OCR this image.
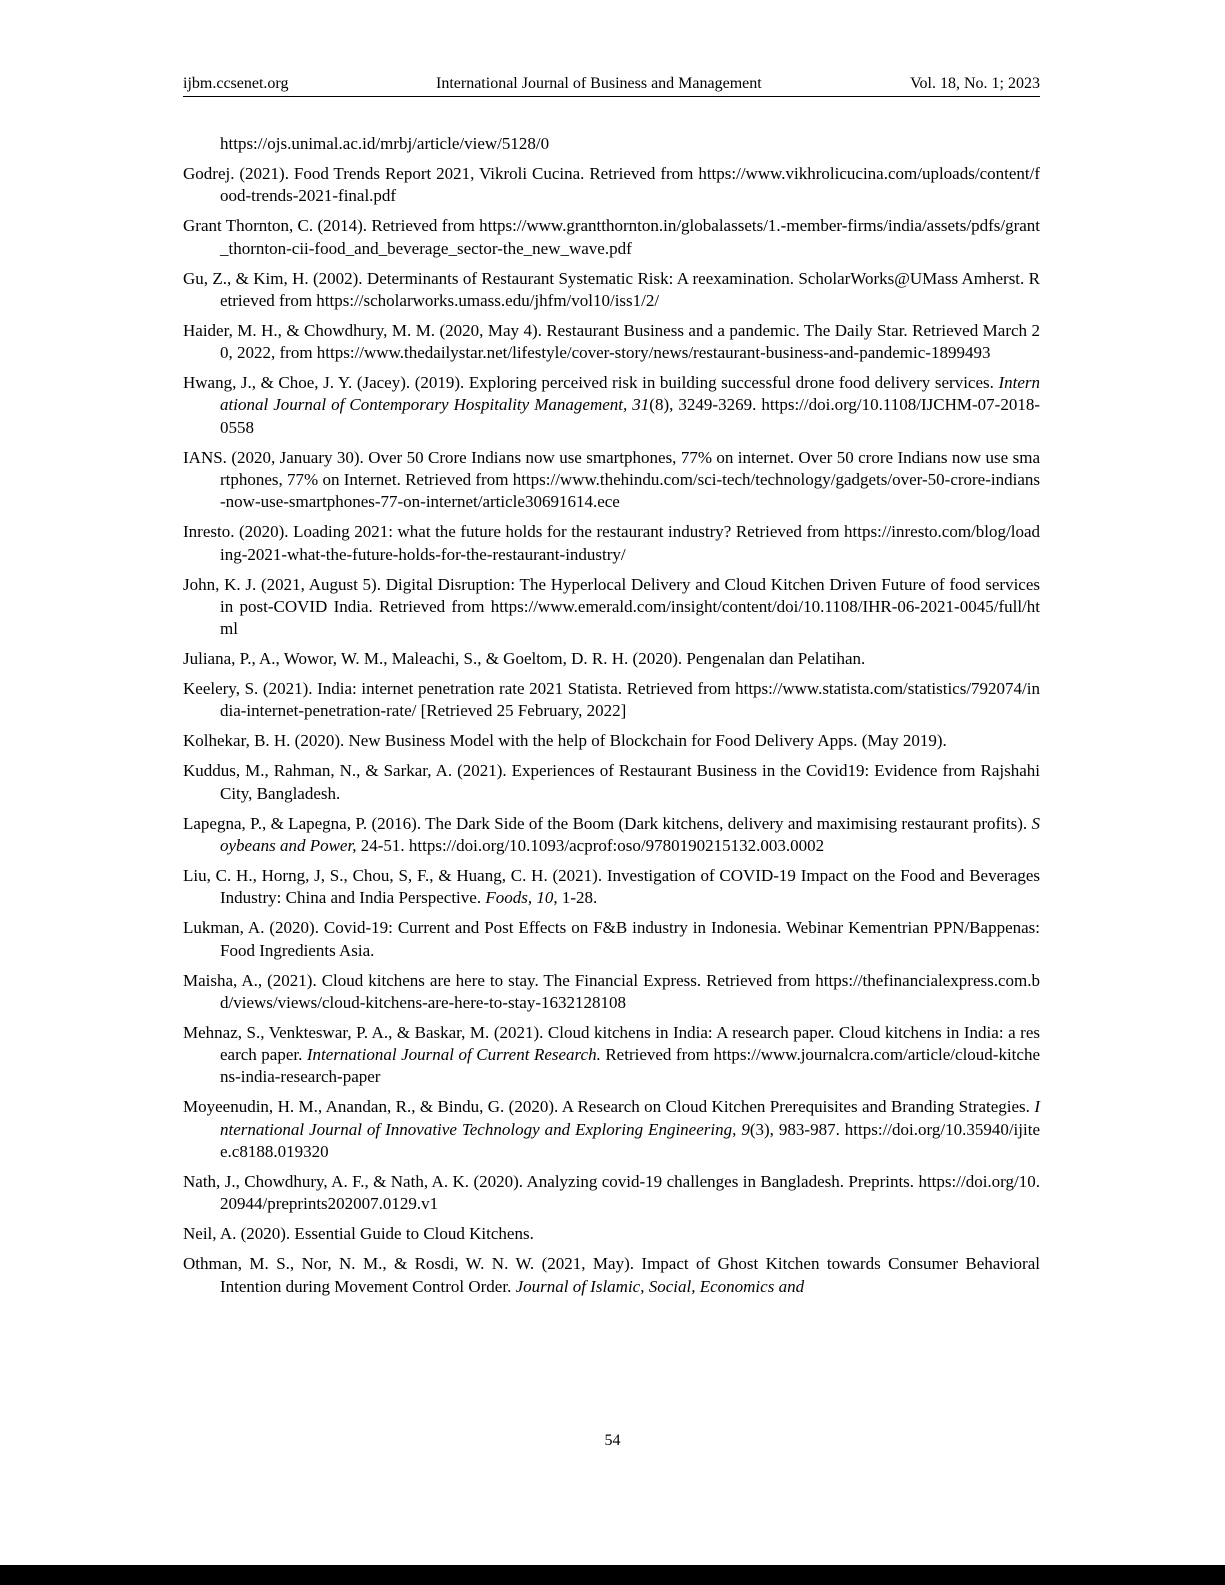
ijbm.ccsenet.org	International Journal of Business and Management	Vol. 18, No. 1; 2023

https://ojs.unimal.ac.id/mrbj/article/view/5128/0

Godrej. (2021). Food Trends Report 2021, Vikroli Cucina. Retrieved from https://www.vikhrolicucina.com/uploads/content/food-trends-2021-final.pdf

Grant Thornton, C. (2014). Retrieved from https://www.grantthornton.in/globalassets/1.-member-firms/india/assets/pdfs/grant_thornton-cii-food_and_beverage_sector-the_new_wave.pdf

Gu, Z., & Kim, H. (2002). Determinants of Restaurant Systematic Risk: A reexamination. ScholarWorks@UMass Amherst. Retrieved from https://scholarworks.umass.edu/jhfm/vol10/iss1/2/

Haider, M. H., & Chowdhury, M. M. (2020, May 4). Restaurant Business and a pandemic. The Daily Star. Retrieved March 20, 2022, from https://www.thedailystar.net/lifestyle/cover-story/news/restaurant-business-and-pandemic-1899493

Hwang, J., & Choe, J. Y. (Jacey). (2019). Exploring perceived risk in building successful drone food delivery services. International Journal of Contemporary Hospitality Management, 31(8), 3249-3269. https://doi.org/10.1108/IJCHM-07-2018-0558

IANS. (2020, January 30). Over 50 Crore Indians now use smartphones, 77% on internet. Over 50 crore Indians now use smartphones, 77% on Internet. Retrieved from https://www.thehindu.com/sci-tech/technology/gadgets/over-50-crore-indians-now-use-smartphones-77-on-internet/article30691614.ece

Inresto. (2020). Loading 2021: what the future holds for the restaurant industry? Retrieved from https://inresto.com/blog/loading-2021-what-the-future-holds-for-the-restaurant-industry/

John, K. J. (2021, August 5). Digital Disruption: The Hyperlocal Delivery and Cloud Kitchen Driven Future of food services in post-COVID India. Retrieved from https://www.emerald.com/insight/content/doi/10.1108/IHR-06-2021-0045/full/html

Juliana, P., A., Wowor, W. M., Maleachi, S., & Goeltom, D. R. H. (2020). Pengenalan dan Pelatihan.

Keelery, S. (2021). India: internet penetration rate 2021 Statista. Retrieved from https://www.statista.com/statistics/792074/india-internet-penetration-rate/ [Retrieved 25 February, 2022]

Kolhekar, B. H. (2020). New Business Model with the help of Blockchain for Food Delivery Apps. (May 2019).

Kuddus, M., Rahman, N., & Sarkar, A. (2021). Experiences of Restaurant Business in the Covid19: Evidence from Rajshahi City, Bangladesh.

Lapegna, P., & Lapegna, P. (2016). The Dark Side of the Boom (Dark kitchens, delivery and maximising restaurant profits). Soybeans and Power, 24-51. https://doi.org/10.1093/acprof:oso/9780190215132.003.0002

Liu, C. H., Horng, J, S., Chou, S, F., & Huang, C. H. (2021). Investigation of COVID-19 Impact on the Food and Beverages Industry: China and India Perspective. Foods, 10, 1-28.

Lukman, A. (2020). Covid-19: Current and Post Effects on F&B industry in Indonesia. Webinar Kementrian PPN/Bappenas: Food Ingredients Asia.

Maisha, A., (2021). Cloud kitchens are here to stay. The Financial Express. Retrieved from https://thefinancialexpress.com.bd/views/views/cloud-kitchens-are-here-to-stay-1632128108

Mehnaz, S., Venkteswar, P. A., & Baskar, M. (2021). Cloud kitchens in India: A research paper. Cloud kitchens in India: a research paper. International Journal of Current Research. Retrieved from https://www.journalcra.com/article/cloud-kitchens-india-research-paper

Moyeenudin, H. M., Anandan, R., & Bindu, G. (2020). A Research on Cloud Kitchen Prerequisites and Branding Strategies. International Journal of Innovative Technology and Exploring Engineering, 9(3), 983-987. https://doi.org/10.35940/ijitee.c8188.019320

Nath, J., Chowdhury, A. F., & Nath, A. K. (2020). Analyzing covid-19 challenges in Bangladesh. Preprints. https://doi.org/10.20944/preprints202007.0129.v1

Neil, A. (2020). Essential Guide to Cloud Kitchens.

Othman, M. S., Nor, N. M., & Rosdi, W. N. W. (2021, May). Impact of Ghost Kitchen towards Consumer Behavioral Intention during Movement Control Order. Journal of Islamic, Social, Economics and

54
